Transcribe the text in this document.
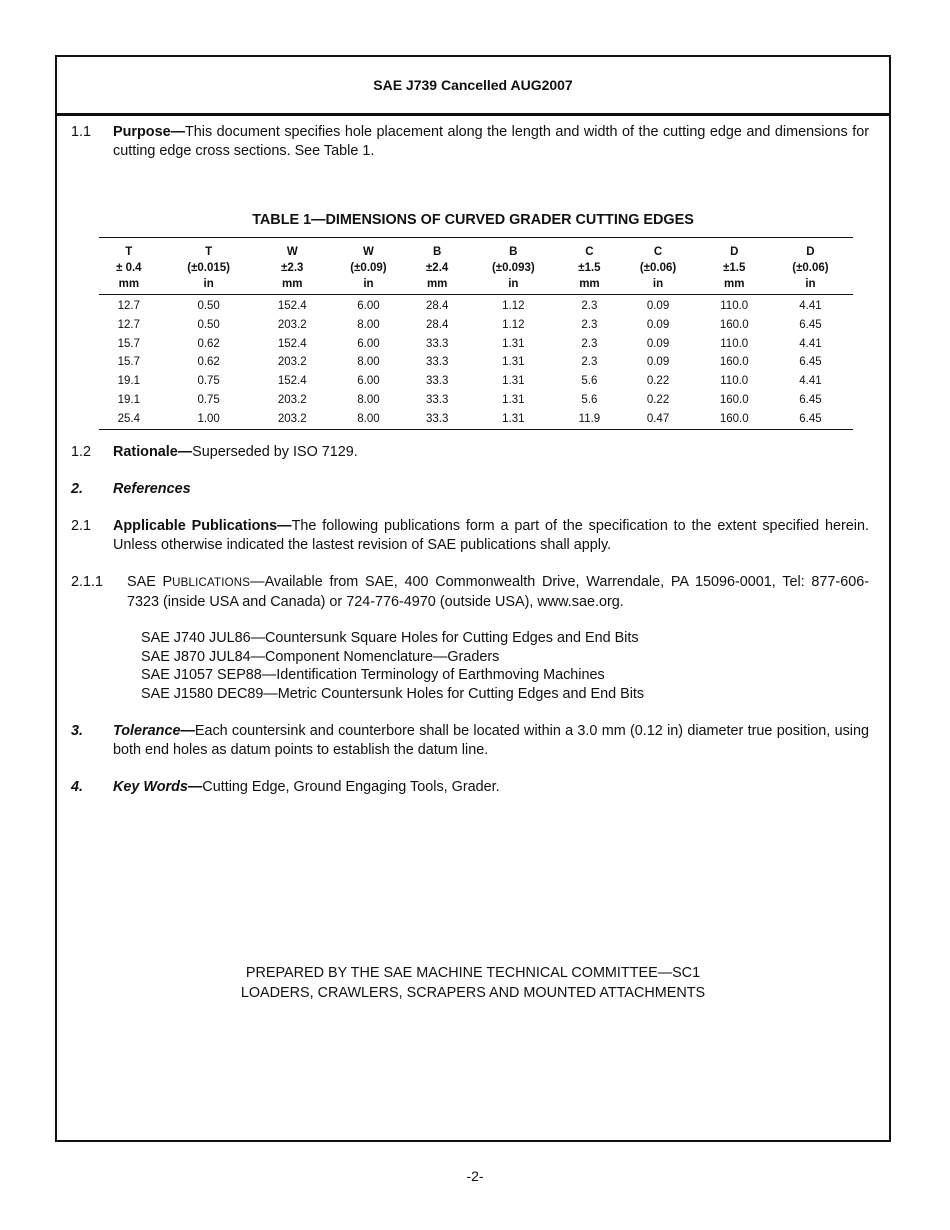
SAE J739 Cancelled AUG2007
1.1 Purpose—This document specifies hole placement along the length and width of the cutting edge and dimensions for cutting edge cross sections. See Table 1.
TABLE 1—DIMENSIONS OF CURVED GRADER CUTTING EDGES
T	T	W	W	B	B	C	C	D	D
± 0.4	(±0.015)	±2.3	(±0.09)	±2.4	(±0.093)	±1.5	(±0.06)	±1.5	(±0.06)
mm	in	mm	in	mm	in	mm	in	mm	in
12.7	0.50	152.4	6.00	28.4	1.12	2.3	0.09	110.0	4.41
12.7	0.50	203.2	8.00	28.4	1.12	2.3	0.09	160.0	6.45
15.7	0.62	152.4	6.00	33.3	1.31	2.3	0.09	110.0	4.41
15.7	0.62	203.2	8.00	33.3	1.31	2.3	0.09	160.0	6.45
19.1	0.75	152.4	6.00	33.3	1.31	5.6	0.22	110.0	4.41
19.1	0.75	203.2	8.00	33.3	1.31	5.6	0.22	160.0	6.45
25.4	1.00	203.2	8.00	33.3	1.31	11.9	0.47	160.0	6.45
1.2 Rationale—Superseded by ISO 7129.
2. References
2.1 Applicable Publications—The following publications form a part of the specification to the extent specified herein. Unless otherwise indicated the lastest revision of SAE publications shall apply.
2.1.1 SAE PUBLICATIONS—Available from SAE, 400 Commonwealth Drive, Warrendale, PA 15096-0001, Tel: 877-606-7323 (inside USA and Canada) or 724-776-4970 (outside USA), www.sae.org.
SAE J740 JUL86—Countersunk Square Holes for Cutting Edges and End Bits
SAE J870 JUL84—Component Nomenclature—Graders
SAE J1057 SEP88—Identification Terminology of Earthmoving Machines
SAE J1580 DEC89—Metric Countersunk Holes for Cutting Edges and End Bits
3. Tolerance—Each countersink and counterbore shall be located within a 3.0 mm (0.12 in) diameter true position, using both end holes as datum points to establish the datum line.
4. Key Words—Cutting Edge, Ground Engaging Tools, Grader.
PREPARED BY THE SAE MACHINE TECHNICAL COMMITTEE—SC1
LOADERS, CRAWLERS, SCRAPERS AND MOUNTED ATTACHMENTS
-2-
